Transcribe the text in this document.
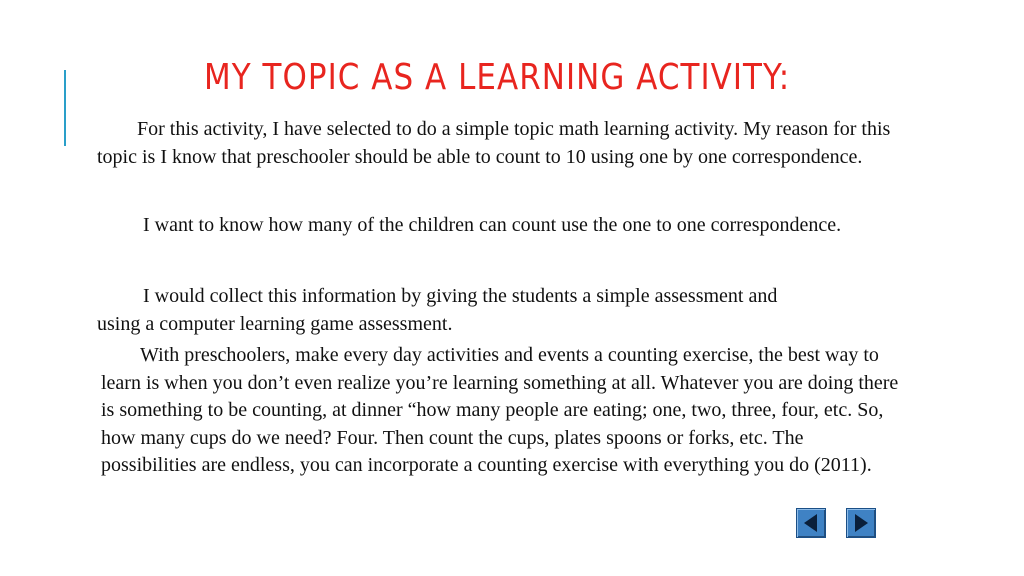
MY TOPIC AS A LEARNING ACTIVITY:

For this activity, I have selected to do a simple topic math learning activity. My reason for this topic is I know that preschooler should be able to count to 10 using one by one correspondence.

I want to know how many of the children can count use the one to one correspondence.

I would collect this information by giving the students a simple assessment and using a computer learning game assessment.

With preschoolers, make every day activities and events a counting exercise, the best way to learn is when you don’t even realize you’re learning something at all. Whatever you are doing there is something to be counting, at dinner “how many people are eating; one, two, three, four, etc. So, how many cups do we need? Four. Then count the cups, plates spoons or forks, etc. The possibilities are endless, you can incorporate a counting exercise with everything you do (2011).
